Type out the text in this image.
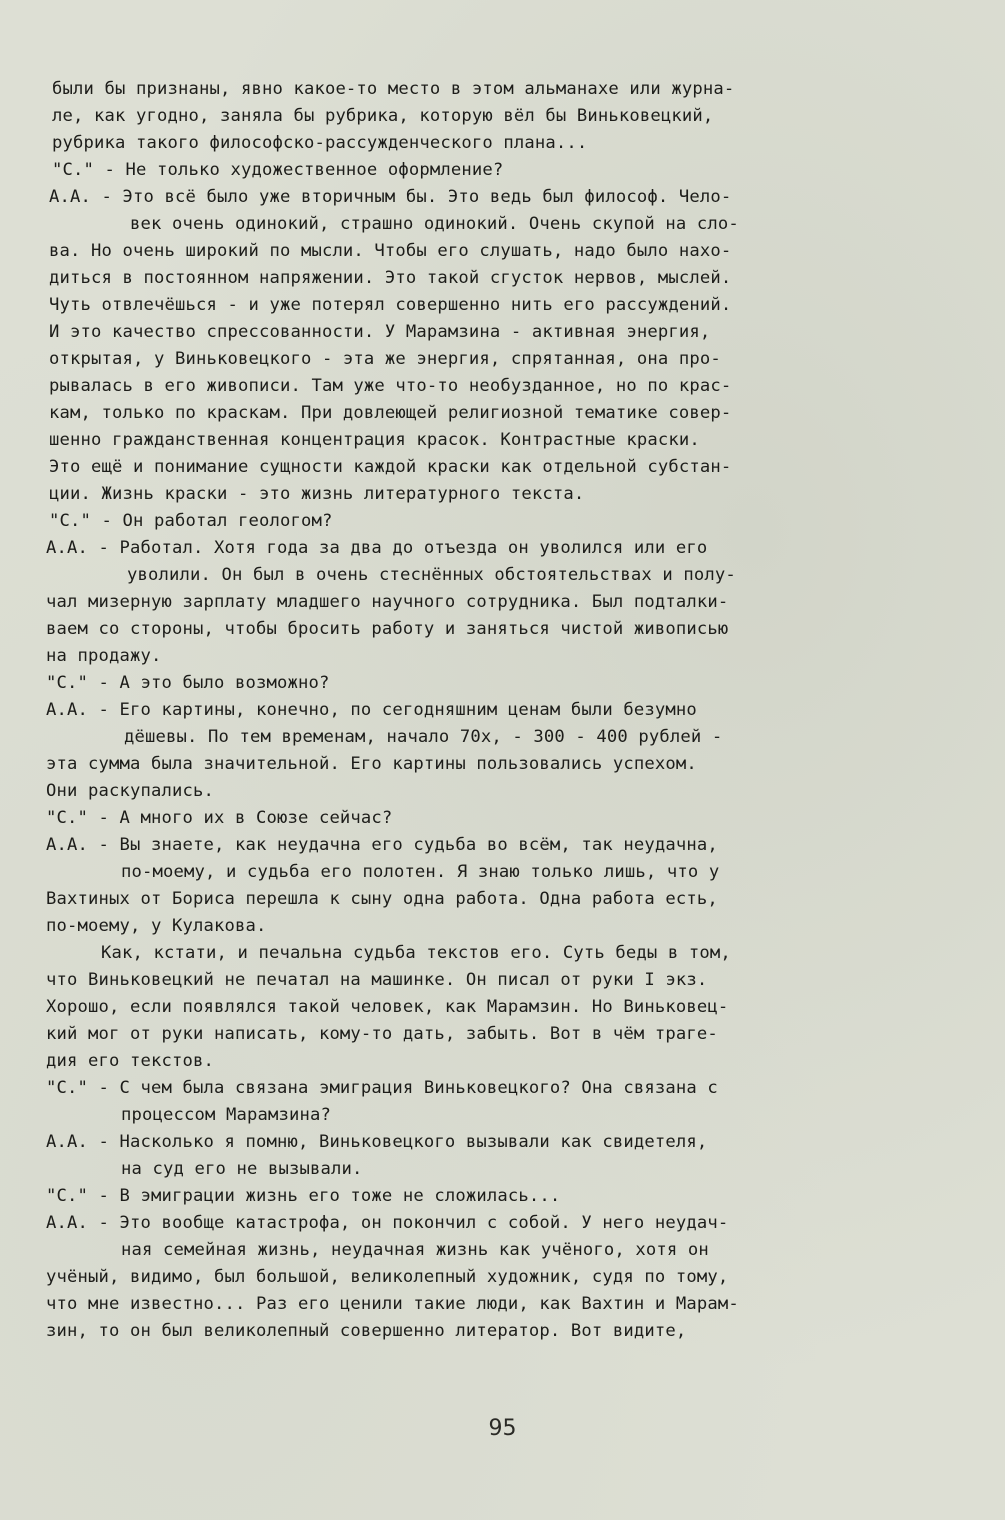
были бы признаны, явно какое-то место в этом альманахе или журна-
ле, как угодно, заняла бы рубрика, которую вёл бы Виньковецкий,
рубрика такого философско-рассужденческого плана...
"С." - Не только художественное оформление?
А.А. - Это всё было уже вторичным бы. Это ведь был философ. Чело-
век очень одинокий, страшно одинокий. Очень скупой на сло-
ва. Но очень широкий по мысли. Чтобы его слушать, надо было нахо-
диться в постоянном напряжении. Это такой сгусток нервов, мыслей.
Чуть отвлечёшься - и уже потерял совершенно нить его рассуждений.
И это качество спрессованности. У Марамзина - активная энергия,
открытая, у Виньковецкого - эта же энергия, спрятанная, она про-
рывалась в его живописи. Там уже что-то необузданное, но по крас-
кам, только по краскам. При довлеющей религиозной тематике совер-
шенно гражданственная концентрация красок. Контрастные краски.
Это ещё и понимание сущности каждой краски как отдельной субстан-
ции. Жизнь краски - это жизнь литературного текста.
"С." - Он работал геологом?
А.А. - Работал. Хотя года за два до отъезда он уволился или его
уволили. Он был в очень стеснённых обстоятельствах и полу-
чал мизерную зарплату младшего научного сотрудника. Был подталки-
ваем со стороны, чтобы бросить работу и заняться чистой живописью
на продажу.
"С." - А это было возможно?
А.А. - Его картины, конечно, по сегодняшним ценам были безумно
дёшевы. По тем временам, начало 70х, - 300 - 400 рублей -
эта сумма была значительной. Его картины пользовались успехом.
Они раскупались.
"С." - А много их в Союзе сейчас?
А.А. - Вы знаете, как неудачна его судьба во всём, так неудачна,
по-моему, и судьба его полотен. Я знаю только лишь, что у
Вахтиных от Бориса перешла к сыну одна работа. Одна работа есть,
по-моему, у Кулакова.
Как, кстати, и печальна судьба текстов его. Суть беды в том,
что Виньковецкий не печатал на машинке. Он писал от руки I экз.
Хорошо, если появлялся такой человек, как Марамзин. Но Виньковец-
кий мог от руки написать, кому-то дать, забыть. Вот в чём траге-
дия его текстов.
"С." - С чем была связана эмиграция Виньковецкого? Она связана с
процессом Марамзина?
А.А. - Насколько я помню, Виньковецкого вызывали как свидетеля,
на суд его не вызывали.
"С." - В эмиграции жизнь его тоже не сложилась...
А.А. - Это вообще катастрофа, он покончил с собой. У него неудач-
ная семейная жизнь, неудачная жизнь как учёного, хотя он
учёный, видимо, был большой, великолепный художник, судя по тому,
что мне известно... Раз его ценили такие люди, как Вахтин и Марам-
зин, то он был великолепный совершенно литератор. Вот видите,
95
